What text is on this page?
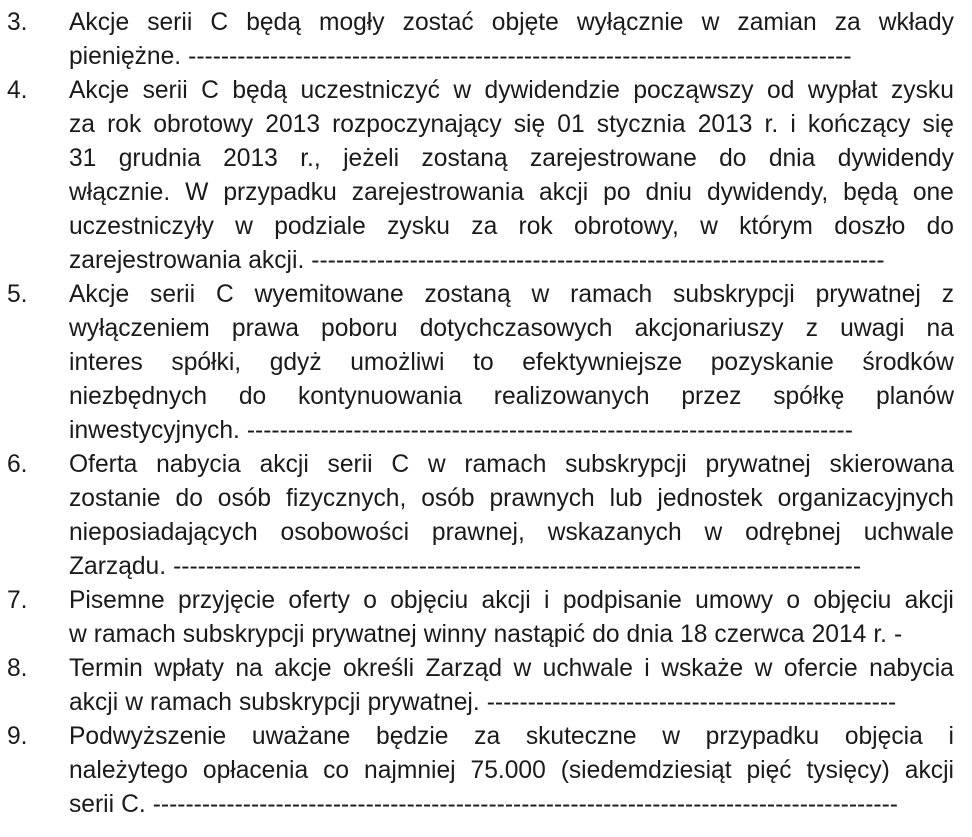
3.	Akcje serii C będą mogły zostać objęte wyłącznie w zamian za wkłady
pieniężne. ---------------------------------------------------------------------------------
4.	Akcje serii C będą uczestniczyć w dywidendzie począwszy od wypłat zysku
za rok obrotowy 2013 rozpoczynający się 01 stycznia 2013 r. i kończący się
31 grudnia 2013 r., jeżeli zostaną zarejestrowane do dnia dywidendy
włącznie. W przypadku zarejestrowania akcji po dniu dywidendy, będą one
uczestniczyły w podziale zysku za rok obrotowy, w którym doszło do
zarejestrowania akcji. ----------------------------------------------------------------------
5.	Akcje serii C wyemitowane zostaną w ramach subskrypcji prywatnej z
wyłączeniem prawa poboru dotychczasowych akcjonariuszy z uwagi na
interes spółki, gdyż umożliwi to efektywniejsze pozyskanie środków
niezbędnych do kontynuowania realizowanych przez spółkę planów
inwestycyjnych. --------------------------------------------------------------------------
6.	Oferta nabycia akcji serii C w ramach subskrypcji prywatnej skierowana
zostanie do osób fizycznych, osób prawnych lub jednostek organizacyjnych
nieposiadających osobowości prawnej, wskazanych w odrębnej uchwale
Zarządu. ------------------------------------------------------------------------------------
7.	Pisemne przyjęcie oferty o objęciu akcji i podpisanie umowy o objęciu akcji
w ramach subskrypcji prywatnej winny nastąpić do dnia 18 czerwca 2014 r. -
8.	Termin wpłaty na akcje określi Zarząd w uchwale i wskaże w ofercie nabycia
akcji w ramach subskrypcji prywatnej. --------------------------------------------------
9.	Podwyższenie uważane będzie za skuteczne w przypadku objęcia i
należytego opłacenia co najmniej 75.000 (siedemdziesiąt pięć tysięcy) akcji
serii C. -------------------------------------------------------------------------------------------
